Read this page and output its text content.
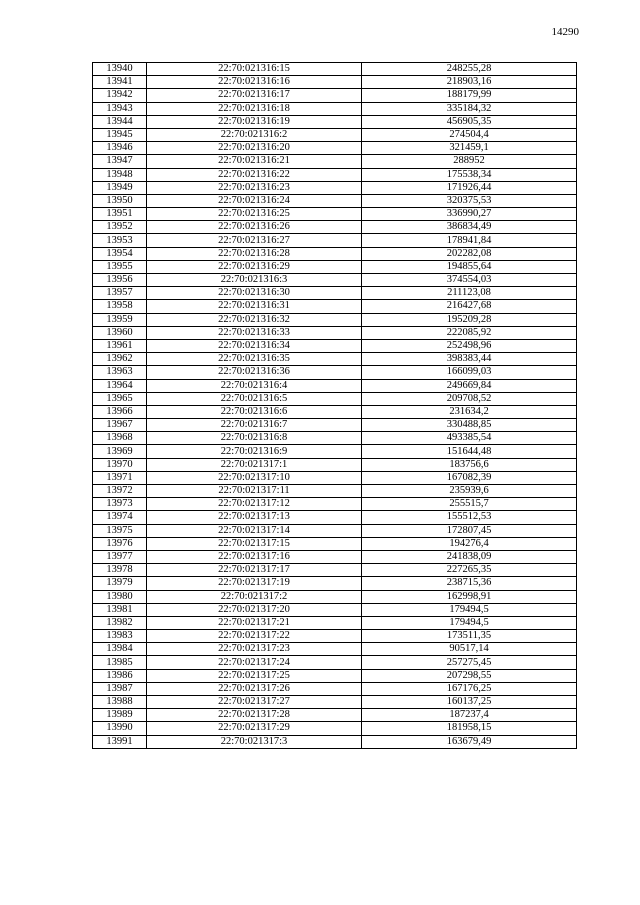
14290
13940	22:70:021316:15	248255,28
13941	22:70:021316:16	218903,16
13942	22:70:021316:17	188179,99
13943	22:70:021316:18	335184,32
13944	22:70:021316:19	456905,35
13945	22:70:021316:2	274504,4
13946	22:70:021316:20	321459,1
13947	22:70:021316:21	288952
13948	22:70:021316:22	175538,34
13949	22:70:021316:23	171926,44
13950	22:70:021316:24	320375,53
13951	22:70:021316:25	336990,27
13952	22:70:021316:26	386834,49
13953	22:70:021316:27	178941,84
13954	22:70:021316:28	202282,08
13955	22:70:021316:29	194855,64
13956	22:70:021316:3	374554,03
13957	22:70:021316:30	211123,08
13958	22:70:021316:31	216427,68
13959	22:70:021316:32	195209,28
13960	22:70:021316:33	222085,92
13961	22:70:021316:34	252498,96
13962	22:70:021316:35	398383,44
13963	22:70:021316:36	166099,03
13964	22:70:021316:4	249669,84
13965	22:70:021316:5	209708,52
13966	22:70:021316:6	231634,2
13967	22:70:021316:7	330488,85
13968	22:70:021316:8	493385,54
13969	22:70:021316:9	151644,48
13970	22:70:021317:1	183756,6
13971	22:70:021317:10	167082,39
13972	22:70:021317:11	235939,6
13973	22:70:021317:12	255515,7
13974	22:70:021317:13	155512,53
13975	22:70:021317:14	172807,45
13976	22:70:021317:15	194276,4
13977	22:70:021317:16	241838,09
13978	22:70:021317:17	227265,35
13979	22:70:021317:19	238715,36
13980	22:70:021317:2	162998,91
13981	22:70:021317:20	179494,5
13982	22:70:021317:21	179494,5
13983	22:70:021317:22	173511,35
13984	22:70:021317:23	90517,14
13985	22:70:021317:24	257275,45
13986	22:70:021317:25	207298,55
13987	22:70:021317:26	167176,25
13988	22:70:021317:27	160137,25
13989	22:70:021317:28	187237,4
13990	22:70:021317:29	181958,15
13991	22:70:021317:3	163679,49
